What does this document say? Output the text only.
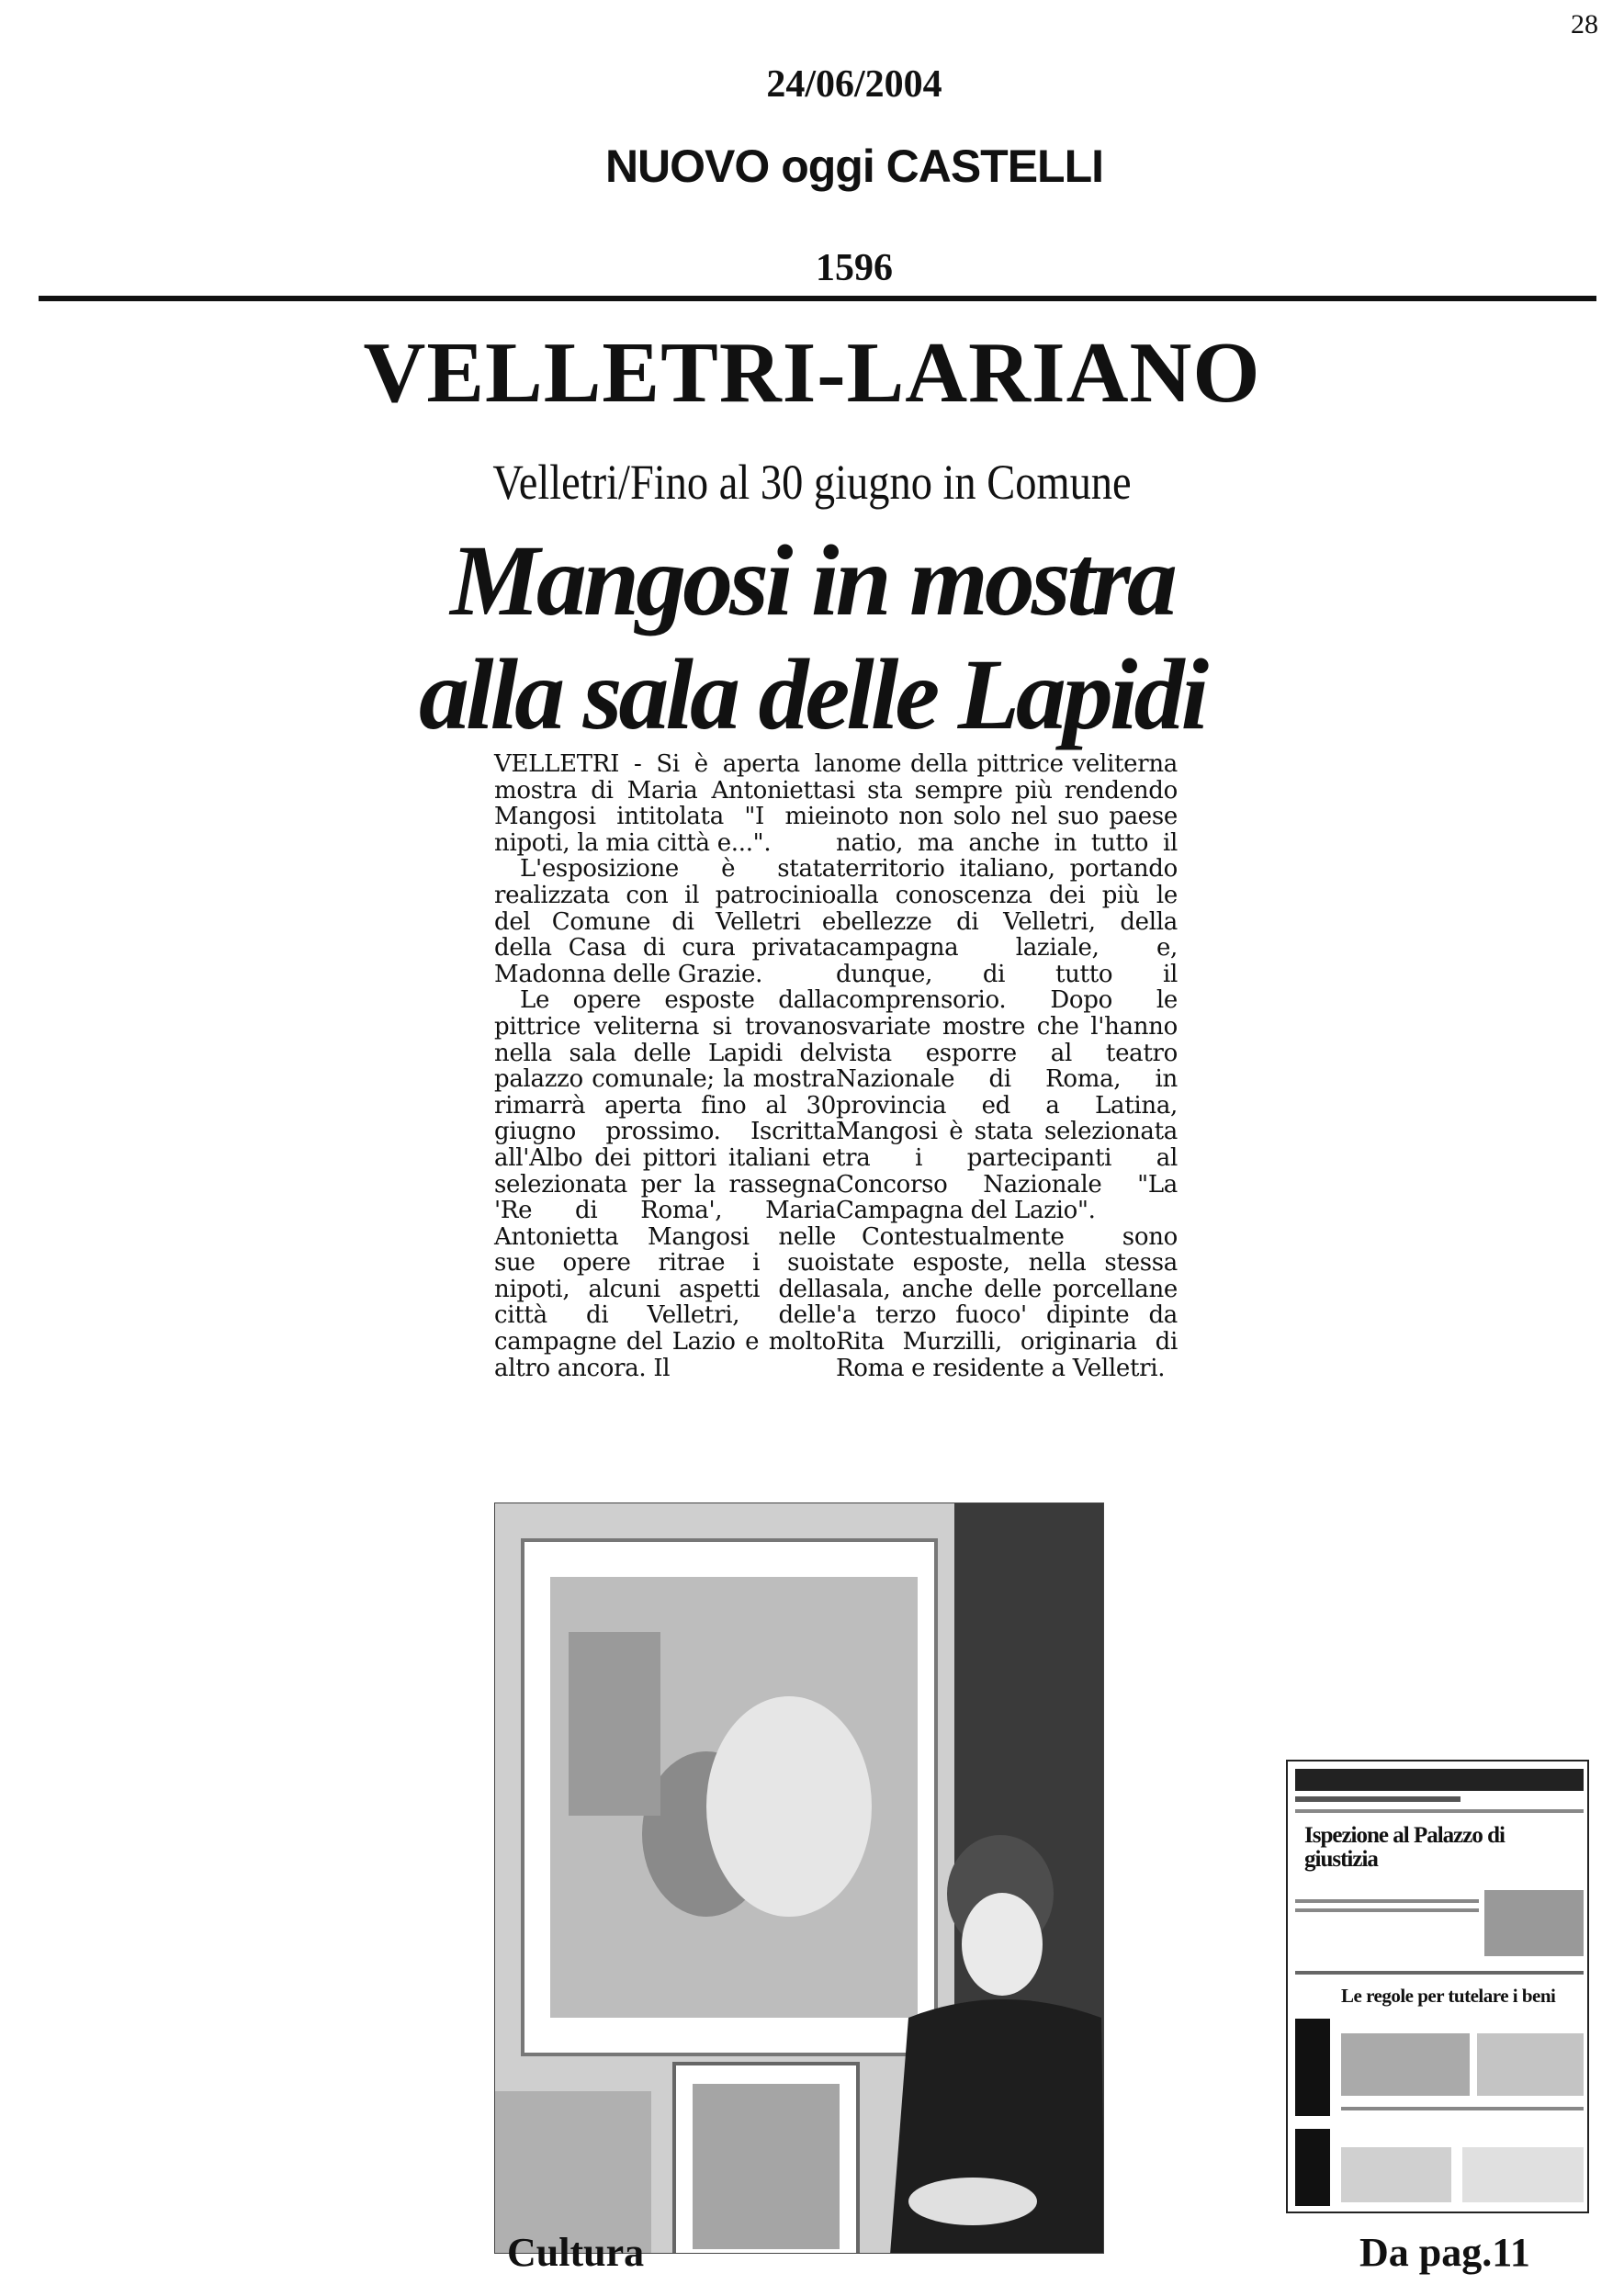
28
24/06/2004
NUOVO oggi CASTELLI
1596
VELLETRI-LARIANO
Velletri/Fino al 30 giugno in Comune
Mangosi in mostra
alla sala delle Lapidi

VELLETRI - Si è aperta la mostra di Maria Antonietta Mangosi intitolata "I miei nipoti, la mia città e...".

L'esposizione è stata realizzata con il patrocinio del Comune di Velletri e della Casa di cura privata Madonna delle Grazie.

Le opere esposte dalla pittrice veliterna si trovano nella sala delle Lapidi del palazzo comunale; la mostra rimarrà aperta fino al 30 giugno prossimo. Iscritta all'Albo dei pittori italiani e selezionata per la rassegna 'Re di Roma', Maria Antonietta Mangosi nelle sue opere ritrae i suoi nipoti, alcuni aspetti della città di Velletri, delle campagne del Lazio e molto altro ancora. Il

nome della pittrice veliterna si sta sempre più rendendo noto non solo nel suo paese natio, ma anche in tutto il territorio italiano, portando alla conoscenza dei più le bellezze di Velletri, della campagna laziale, e, dunque, di tutto il comprensorio. Dopo le svariate mostre che l'hanno vista esporre al teatro Nazionale di Roma, in provincia ed a Latina, Mangosi è stata selezionata tra i partecipanti al Concorso Nazionale "La Campagna del Lazio".

Contestualmente sono state esposte, nella stessa sala, anche delle porcellane 'a terzo fuoco' dipinte da Rita Murzilli, originaria di Roma e residente a Velletri.

Cultura	Da pag.11
Ispezione al Palazzo di giustizia
Le regole per tutelare i beni
